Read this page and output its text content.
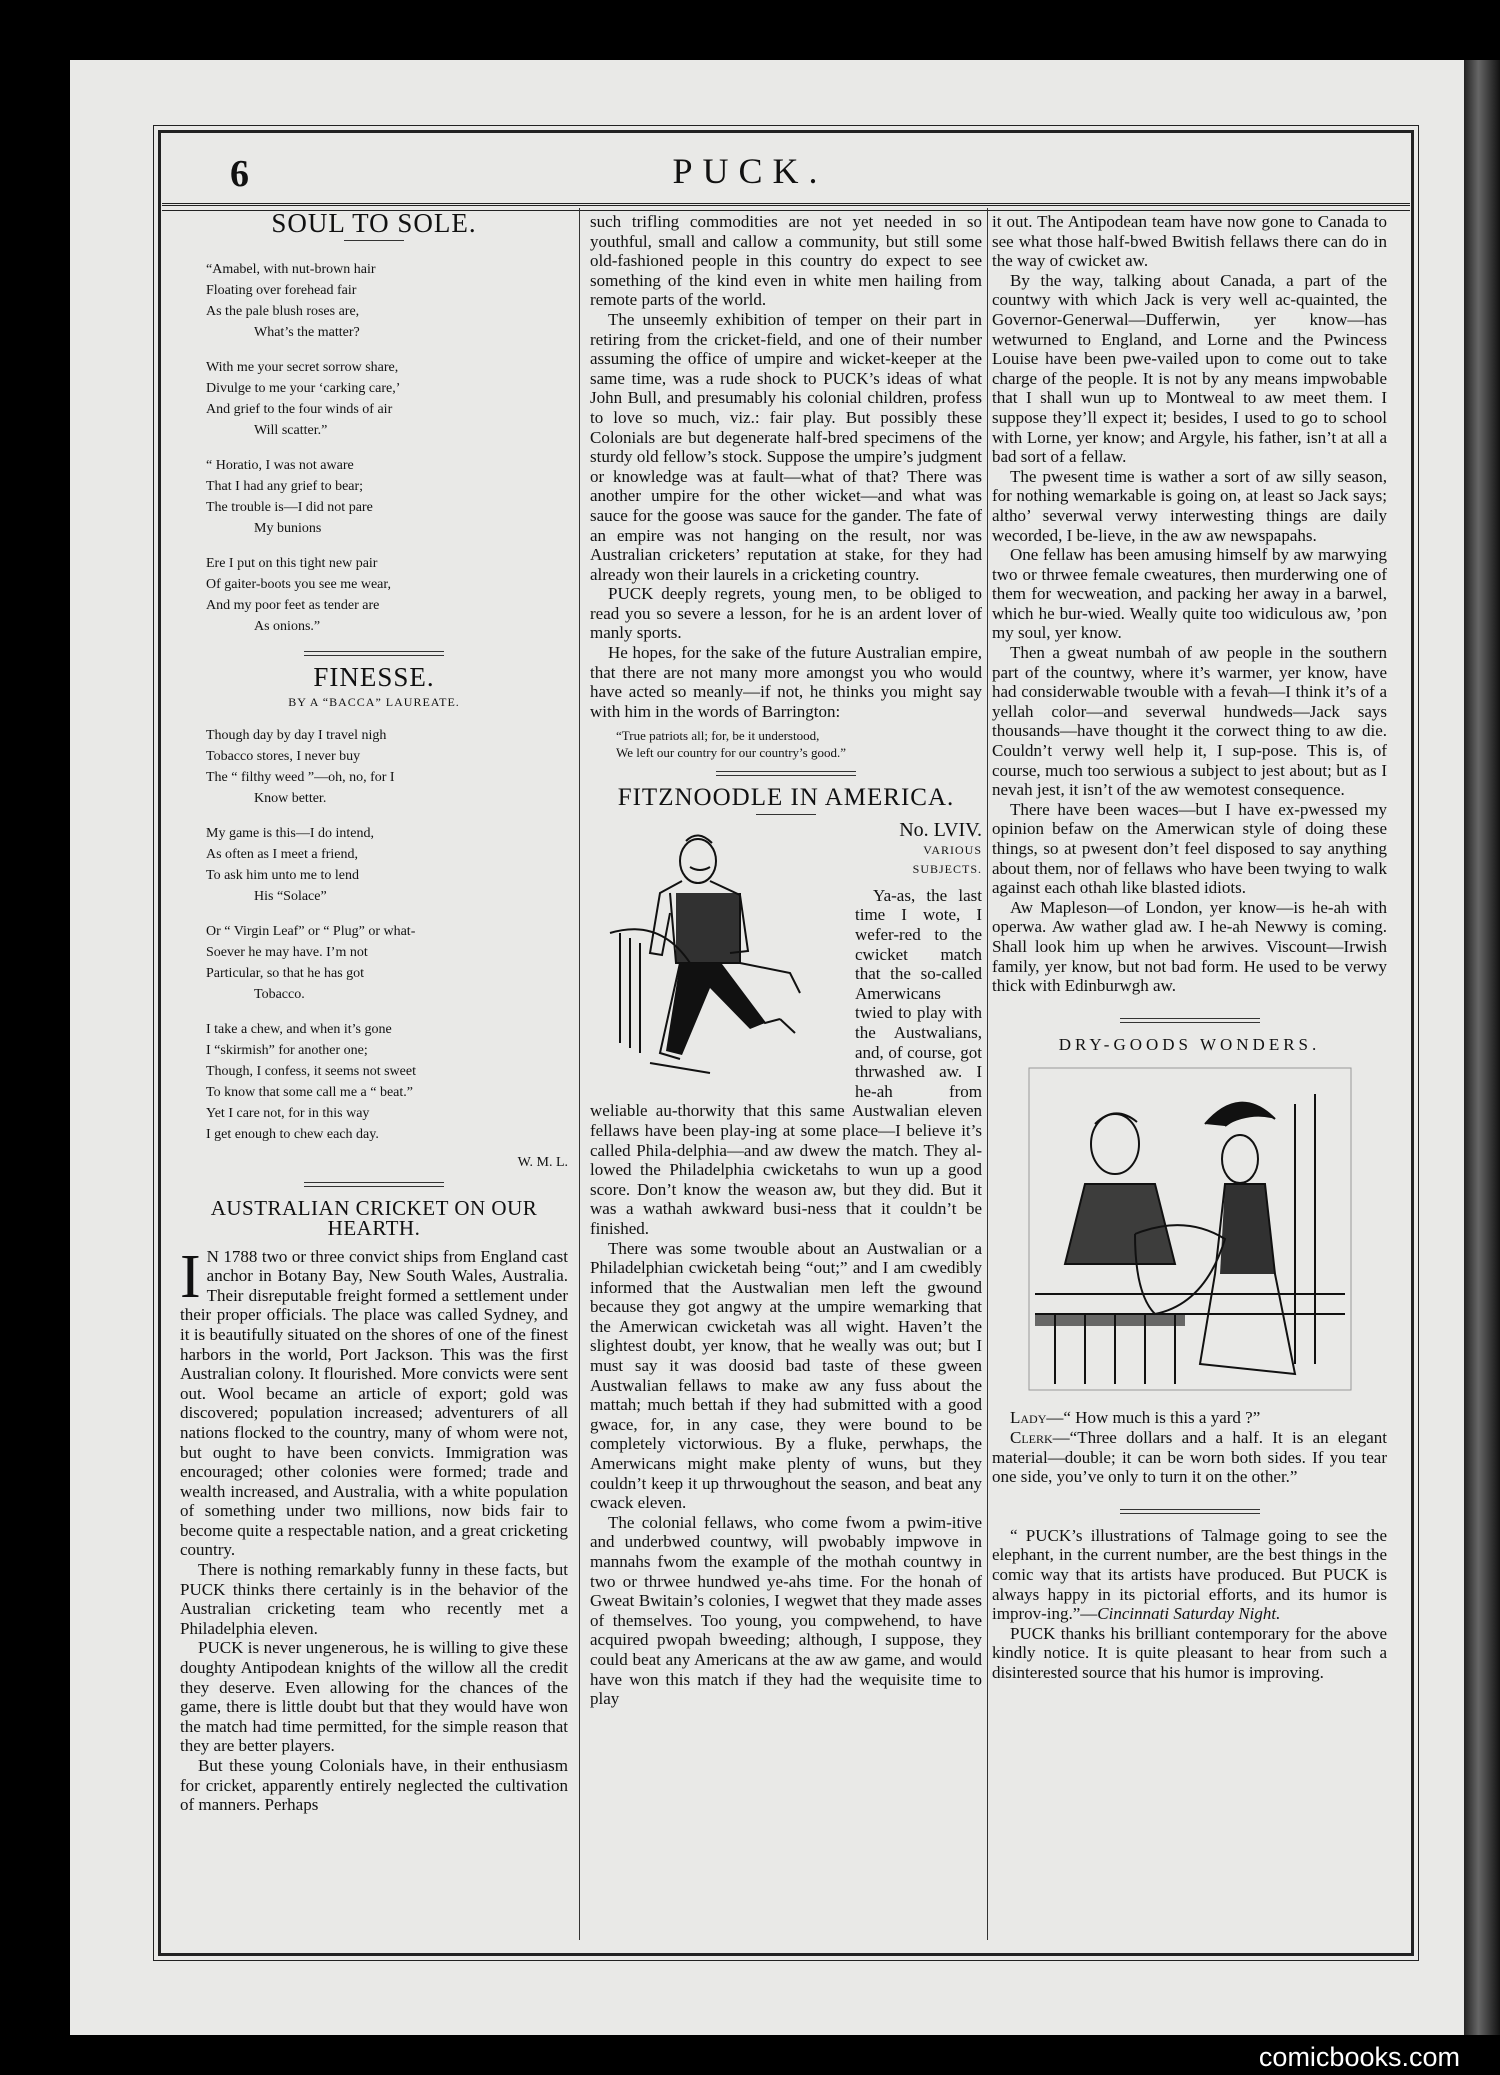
6	PUCK.
SOUL TO SOLE.
“Amabel, with nut-brown hair
Floating over forehead fair
As the pale blush roses are,
What’s the matter?
With me your secret sorrow share,
Divulge to me your ‘carking care,’
And grief to the four winds of air
Will scatter.”
“ Horatio, I was not aware
That I had any grief to bear;
The trouble is—I did not pare
My bunions
Ere I put on this tight new pair
Of gaiter-boots you see me wear,
And my poor feet as tender are
As onions.”
FINESSE.
BY A “BACCA” LAUREATE.
Though day by day I travel nigh
Tobacco stores, I never buy
The “ filthy weed ”—oh, no, for I
Know better.
My game is this—I do intend,
As often as I meet a friend,
To ask him unto me to lend
His “Solace”
Or “ Virgin Leaf” or “ Plug” or what-
Soever he may have. I’m not
Particular, so that he has got
Tobacco.
I take a chew, and when it’s gone
I “skirmish” for another one;
Though, I confess, it seems not sweet
To know that some call me a “ beat.”
Yet I care not, for in this way
I get enough to chew each day.
W. M. L.
AUSTRALIAN CRICKET ON OUR HEARTH.

I N 1788 two or three convict ships from England cast anchor in Botany Bay, New South Wales, Australia. Their disreputable freight formed a settlement under their proper officials. The place was called Sydney, and it is beautifully situated on the shores of one of the finest harbors in the world, Port Jackson. This was the first Australian colony. It flourished. More convicts were sent out. Wool became an article of export; gold was discovered; population increased; adventurers of all nations flocked to the country, many of whom were not, but ought to have been convicts. Immigration was encouraged; other colonies were formed; trade and wealth increased, and Australia, with a white population of something under two millions, now bids fair to become quite a respectable nation, and a great cricketing country.

There is nothing remarkably funny in these facts, but PUCK thinks there certainly is in the behavior of the Australian cricketing team who recently met a Philadelphia eleven.

PUCK is never ungenerous, he is willing to give these doughty Antipodean knights of the willow all the credit they deserve. Even allowing for the chances of the game, there is little doubt but that they would have won the match had time permitted, for the simple reason that they are better players.

But these young Colonials have, in their enthusiasm for cricket, apparently entirely neglected the cultivation of manners. Perhaps

such trifling commodities are not yet needed in so youthful, small and callow a community, but still some old-fashioned people in this country do expect to see something of the kind even in white men hailing from remote parts of the world.

The unseemly exhibition of temper on their part in retiring from the cricket-field, and one of their number assuming the office of umpire and wicket-keeper at the same time, was a rude shock to PUCK’s ideas of what John Bull, and presumably his colonial children, profess to love so much, viz.: fair play. But possibly these Colonials are but degenerate half-bred specimens of the sturdy old fellow’s stock. Suppose the umpire’s judgment or knowledge was at fault—what of that? There was another umpire for the other wicket—and what was sauce for the goose was sauce for the gander. The fate of an empire was not hanging on the result, nor was Australian cricketers’ reputation at stake, for they had already won their laurels in a cricketing country.

PUCK deeply regrets, young men, to be obliged to read you so severe a lesson, for he is an ardent lover of manly sports.

He hopes, for the sake of the future Australian empire, that there are not many more amongst you who would have acted so meanly—if not, he thinks you might say with him in the words of Barrington:

“True patriots all; for, be it understood,
We left our country for our country’s good.”
FITZNOODLE IN AMERICA.
No. LVIV.
VARIOUS SUBJECTS.

Ya-as, the last time I wote, I wefer-red to the cwicket match that the so-called Amerwicans twied to play with the Austwalians, and, of course, got thrwashed aw. I he-ah from weliable au-thorwity that this same Austwalian eleven fellaws have been play-ing at some place—I believe it’s called Phila-delphia—and aw dwew the match. They al-lowed the Philadelphia cwicketahs to wun up a good score. Don’t know the weason aw, but they did. But it was a wathah awkward busi-ness that it couldn’t be finished.

There was some twouble about an Austwalian or a Philadelphian cwicketah being “out;” and I am cwedibly informed that the Austwalian men left the gwound because they got angwy at the umpire wemarking that the Amerwican cwicketah was all wight. Haven’t the slightest doubt, yer know, that he weally was out; but I must say it was doosid bad taste of these gween Austwalian fellaws to make aw any fuss about the mattah; much bettah if they had submitted with a good gwace, for, in any case, they were bound to be completely victorwious. By a fluke, perwhaps, the Amerwicans might make plenty of wuns, but they couldn’t keep it up thrwoughout the season, and beat any cwack eleven.

The colonial fellaws, who come fwom a pwim-itive and underbwed countwy, will pwobably impwove in mannahs fwom the example of the mothah countwy in two or thrwee hundwed ye-ahs time. For the honah of Gweat Bwitain’s colonies, I wegwet that they made asses of themselves. Too young, you compwehend, to have acquired pwopah bweeding; although, I suppose, they could beat any Americans at the aw aw game, and would have won this match if they had the wequisite time to play

it out. The Antipodean team have now gone to Canada to see what those half-bwed Bwitish fellaws there can do in the way of cwicket aw.

By the way, talking about Canada, a part of the countwy with which Jack is very well ac-quainted, the Governor-Generwal—Dufferwin, yer know—has wetwurned to England, and Lorne and the Pwincess Louise have been pwe-vailed upon to come out to take charge of the people. It is not by any means impwobable that I shall wun up to Montweal to aw meet them. I suppose they’ll expect it; besides, I used to go to school with Lorne, yer know; and Argyle, his father, isn’t at all a bad sort of a fellaw.

The pwesent time is wather a sort of aw silly season, for nothing wemarkable is going on, at least so Jack says; altho’ severwal verwy interwesting things are daily wecorded, I be-lieve, in the aw aw newspapahs.

One fellaw has been amusing himself by aw marwying two or thrwee female cweatures, then murderwing one of them for wecweation, and packing her away in a barwel, which he bur-wied. Weally quite too widiculous aw, ’pon my soul, yer know.

Then a gweat numbah of aw people in the southern part of the countwy, where it’s warmer, yer know, have had considerwable twouble with a fevah—I think it’s of a yellah color—and severwal hundweds—Jack says thousands—have thought it the corwect thing to aw die. Couldn’t verwy well help it, I sup-pose. This is, of course, much too serwious a subject to jest about; but as I nevah jest, it isn’t of the aw wemotest consequence.

There have been waces—but I have ex-pwessed my opinion befaw on the Amerwican style of doing these things, so at pwesent don’t feel disposed to say anything about them, nor of fellaws who have been twying to walk against each othah like blasted idiots.

Aw Mapleson—of London, yer know—is he-ah with operwa. Aw wather glad aw. I he-ah Newwy is coming. Shall look him up when he arwives. Viscount—Irwish family, yer know, but not bad form. He used to be verwy thick with Edinburwgh aw.

DRY-GOODS WONDERS.

Lady—“ How much is this a yard ?”

Clerk—“Three dollars and a half. It is an elegant material—double; it can be worn both sides. If you tear one side, you’ve only to turn it on the other.”

“ PUCK’s illustrations of Talmage going to see the elephant, in the current number, are the best things in the comic way that its artists have produced. But PUCK is always happy in its pictorial efforts, and its humor is improv-ing.”—Cincinnati Saturday Night.

PUCK thanks his brilliant contemporary for the above kindly notice. It is quite pleasant to hear from such a disinterested source that his humor is improving.

comicbooks.com
